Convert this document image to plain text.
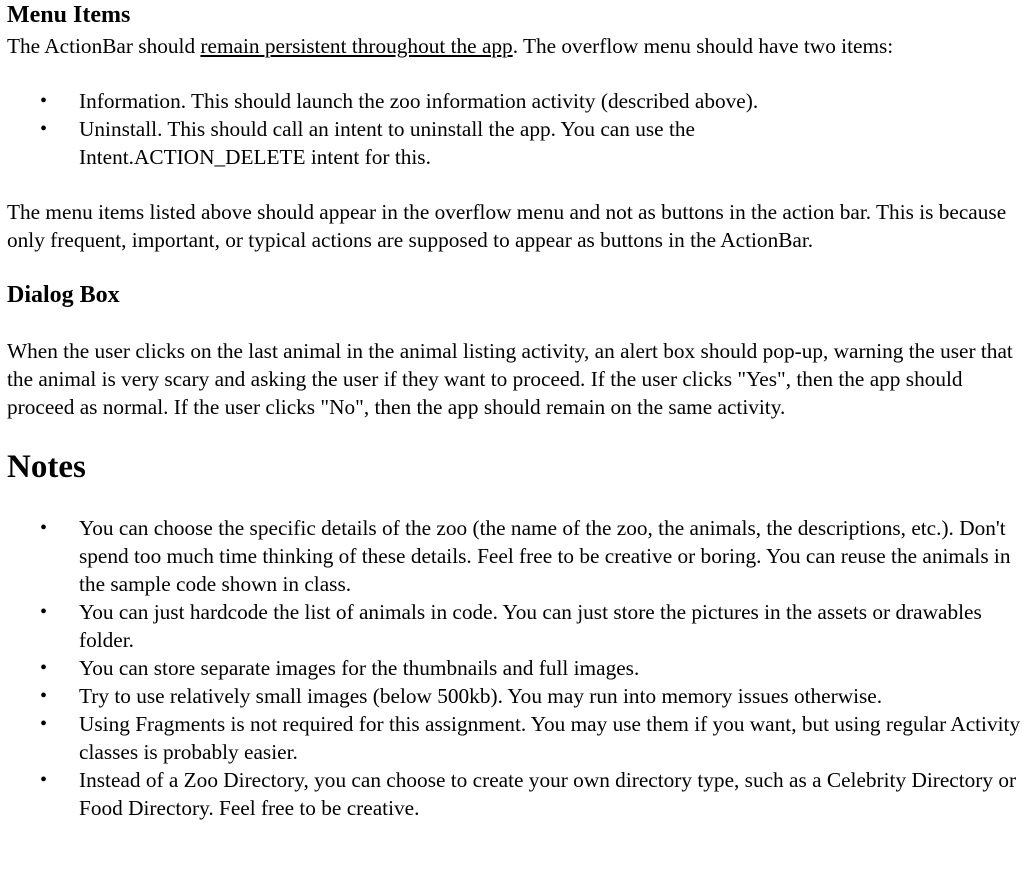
Menu Items

The ActionBar should remain persistent throughout the app. The overflow menu should have two items:

• Information. This should launch the zoo information activity (described above).
• Uninstall. This should call an intent to uninstall the app. You can use the Intent.ACTION_DELETE intent for this.

The menu items listed above should appear in the overflow menu and not as buttons in the action bar. This is because only frequent, important, or typical actions are supposed to appear as buttons in the ActionBar.

Dialog Box

When the user clicks on the last animal in the animal listing activity, an alert box should pop-up, warning the user that the animal is very scary and asking the user if they want to proceed. If the user clicks "Yes", then the app should proceed as normal. If the user clicks "No", then the app should remain on the same activity.

Notes
• You can choose the specific details of the zoo (the name of the zoo, the animals, the descriptions, etc.). Don't spend too much time thinking of these details. Feel free to be creative or boring. You can reuse the animals in the sample code shown in class.
• You can just hardcode the list of animals in code. You can just store the pictures in the assets or drawables folder.
• You can store separate images for the thumbnails and full images.
• Try to use relatively small images (below 500kb). You may run into memory issues otherwise.
• Using Fragments is not required for this assignment. You may use them if you want, but using regular Activity classes is probably easier.
• Instead of a Zoo Directory, you can choose to create your own directory type, such as a Celebrity Directory or Food Directory. Feel free to be creative.
